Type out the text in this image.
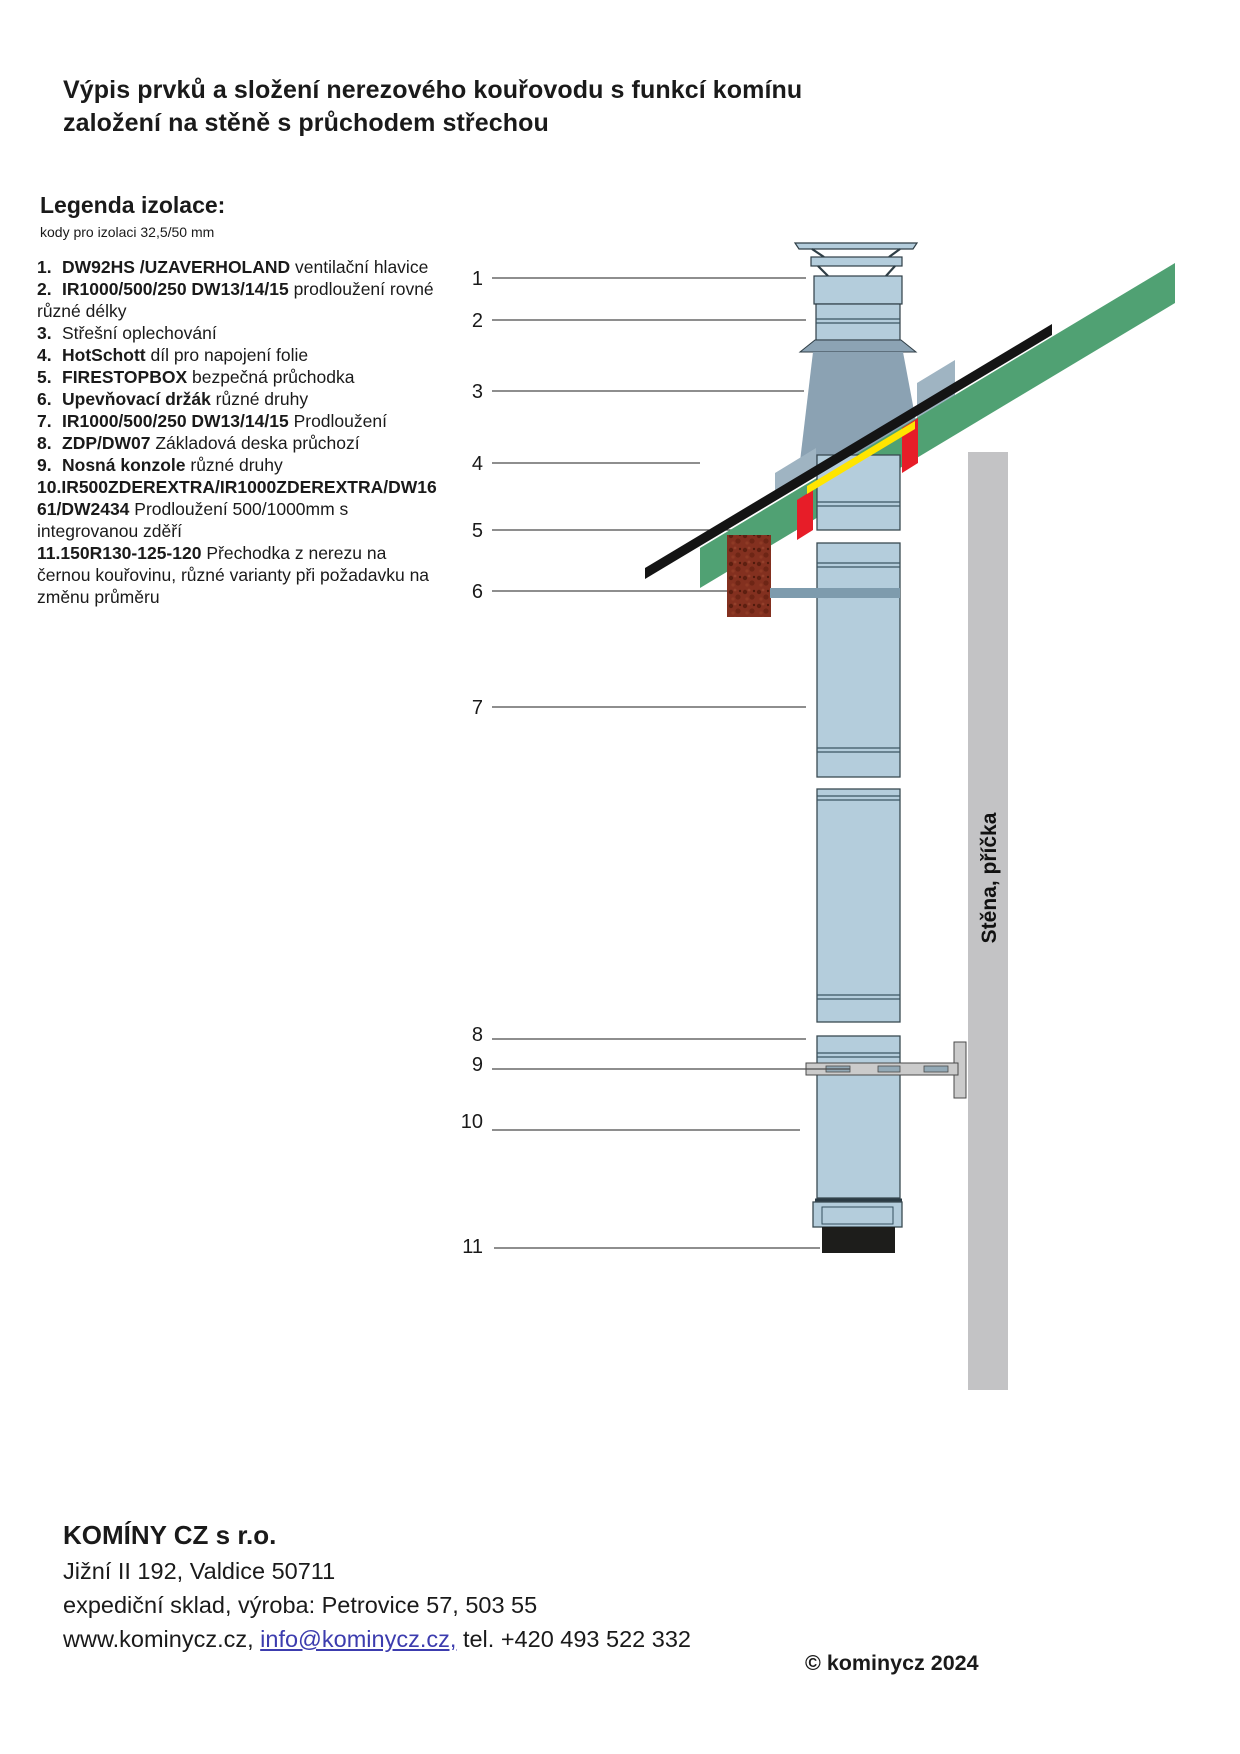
Stěna, příčka
1
2
3
4
5
6
7
8
9
10
11
Výpis prvků a složení nerezového kouřovodu s funkcí komínu
založení na stěně s průchodem střechou
Legenda izolace:
kody pro izolaci 32,5/50 mm
1. DW92HS /UZAVERHOLAND ventilační hlavice
2. IR1000/500/250 DW13/14/15 prodloužení rovné různé délky
3. Střešní oplechování
4. HotSchott díl pro napojení folie
5. FIRESTOPBOX bezpečná průchodka
6. Upevňovací držák různé druhy
7. IR1000/500/250 DW13/14/15 Prodloužení
8. ZDP/DW07 Základová deska průchozí
9. Nosná konzole různé druhy
10.IR500ZDEREXTRA/IR1000ZDEREXTRA/DW1661/DW2434 Prodloužení 500/1000mm s integrovanou zděří
11.150R130-125-120 Přechodka z nerezu na černou kouřovinu, různé varianty při požadavku na změnu průměru
KOMÍNY CZ s r.o.
Jižní II 192, Valdice 50711
expediční sklad, výroba: Petrovice 57, 503 55
www.kominycz.cz, info@kominycz.cz, tel. +420 493 522 332
© kominycz 2024
